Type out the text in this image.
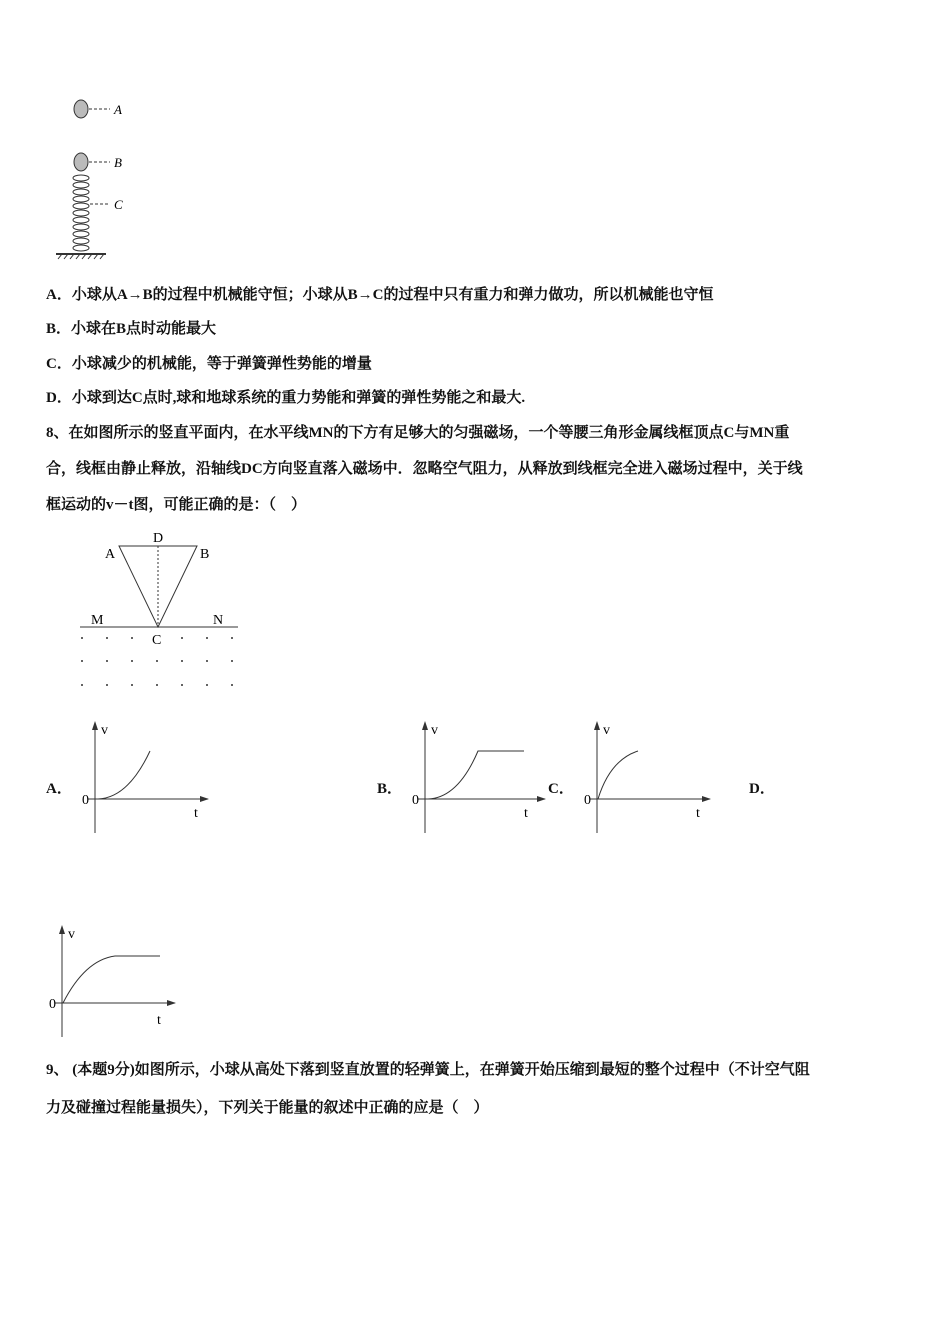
A
B
C
A．小球从A→B的过程中机械能守恒；小球从B→C的过程中只有重力和弹力做功，所以机械能也守恒
B．小球在B点时动能最大
C．小球减少的机械能，等于弹簧弹性势能的增量
D．小球到达C点时,球和地球系统的重力势能和弹簧的弹性势能之和最大.
8、在如图所示的竖直平面内，在水平线MN的下方有足够大的匀强磁场，一个等腰三角形金属线框顶点C与MN重
合，线框由静止释放，沿轴线DC方向竖直落入磁场中．忽略空气阻力，从释放到线框完全进入磁场过程中，关于线
框运动的v－t图，可能正确的是：（　）
A
D
B
M	N
C
A．	B．	C．	D．
v
t
0
v
t
0
v
t
0
v
t
0
9、 (本题9分)如图所示，小球从高处下落到竖直放置的轻弹簧上，在弹簧开始压缩到最短的整个过程中（不计空气阻
力及碰撞过程能量损失），下列关于能量的叙述中正确的应是（　）
